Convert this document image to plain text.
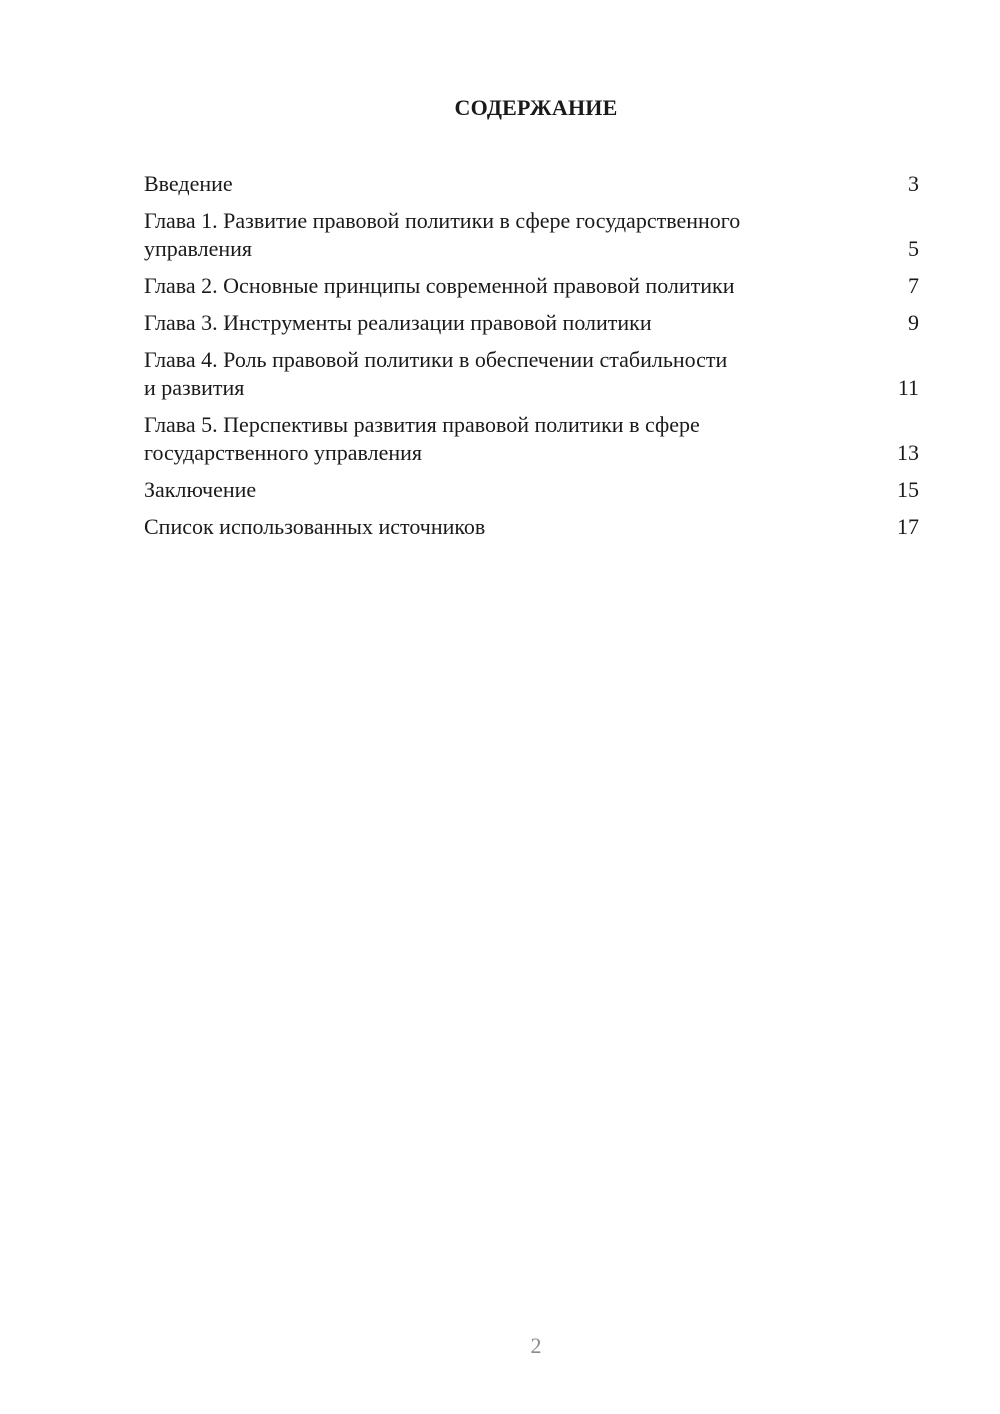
СОДЕРЖАНИЕ
Введение	3
Глава 1. Развитие правовой политики в сфере государственного
управления	5
Глава 2. Основные принципы современной правовой политики	7
Глава 3. Инструменты реализации правовой политики	9
Глава 4. Роль правовой политики в обеспечении стабильности
и развития	11
Глава 5. Перспективы развития правовой политики в сфере
государственного управления	13
Заключение	15
Список использованных источников	17
2
